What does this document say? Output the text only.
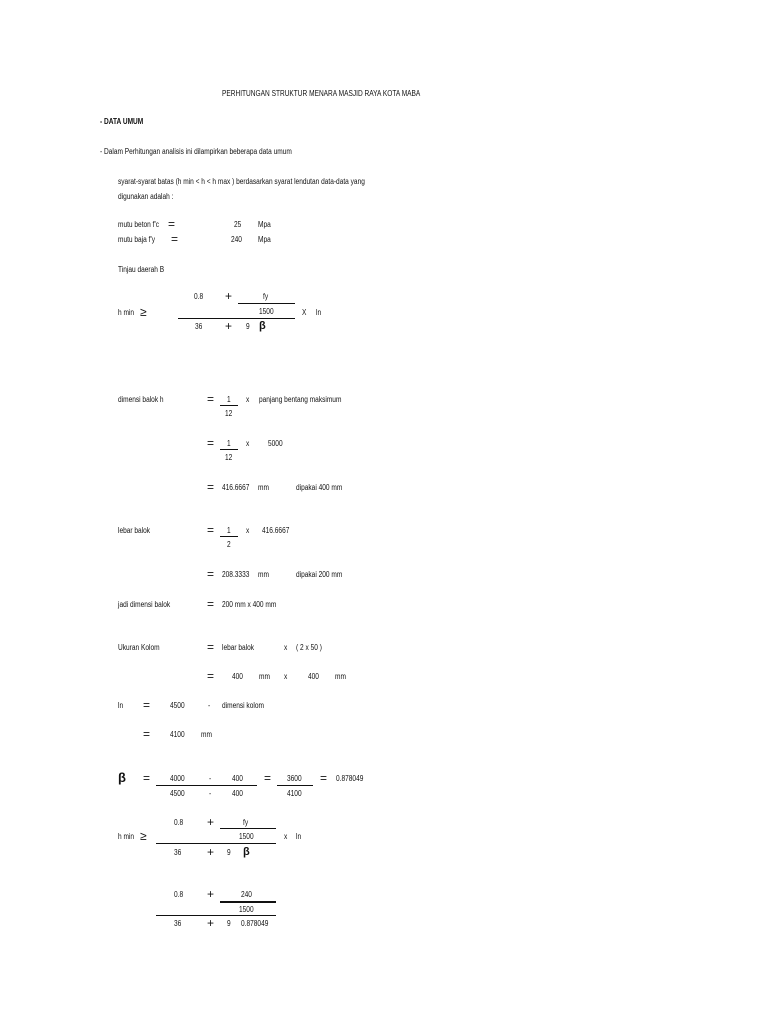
PERHITUNGAN STRUKTUR MENARA MASJID RAYA KOTA MABA
- DATA UMUM
- Dalam Perhitungan analisis ini dilampirkan beberapa data umum
syarat-syarat batas (h min < h < h max ) berdasarkan syarat lendutan data-data yang
digunakan adalah :
mutu beton f'c =	25 Mpa
mutu baja f'y =	240 Mpa
Tinjau daerah B
0.8 +	fy
1500
h min ≥	X ln
36 + 9 β
dimensi balok h	= 1
12
x panjang bentang maksimum
= 1
12
x 5000
= 416.6667 mm	dipakai 400 mm
lebar balok	= 1
2
x 416.6667
= 208.3333 mm	dipakai 200 mm
jadi dimensi balok	= 200 mm x 400 mm
Ukuran Kolom	= lebar balok	x ( 2 x 50 )
= 400 mm x	400 mm
ln = 4500	- dimensi kolom
= 4100 mm
β = 4000	-	400
4500	-	400
= 3600
4100
= 0.878049
0.8 +	fy
1500
h min ≥	x ln
36 + 9 β
0.8 +	240
1500
36 + 9 0.878049
